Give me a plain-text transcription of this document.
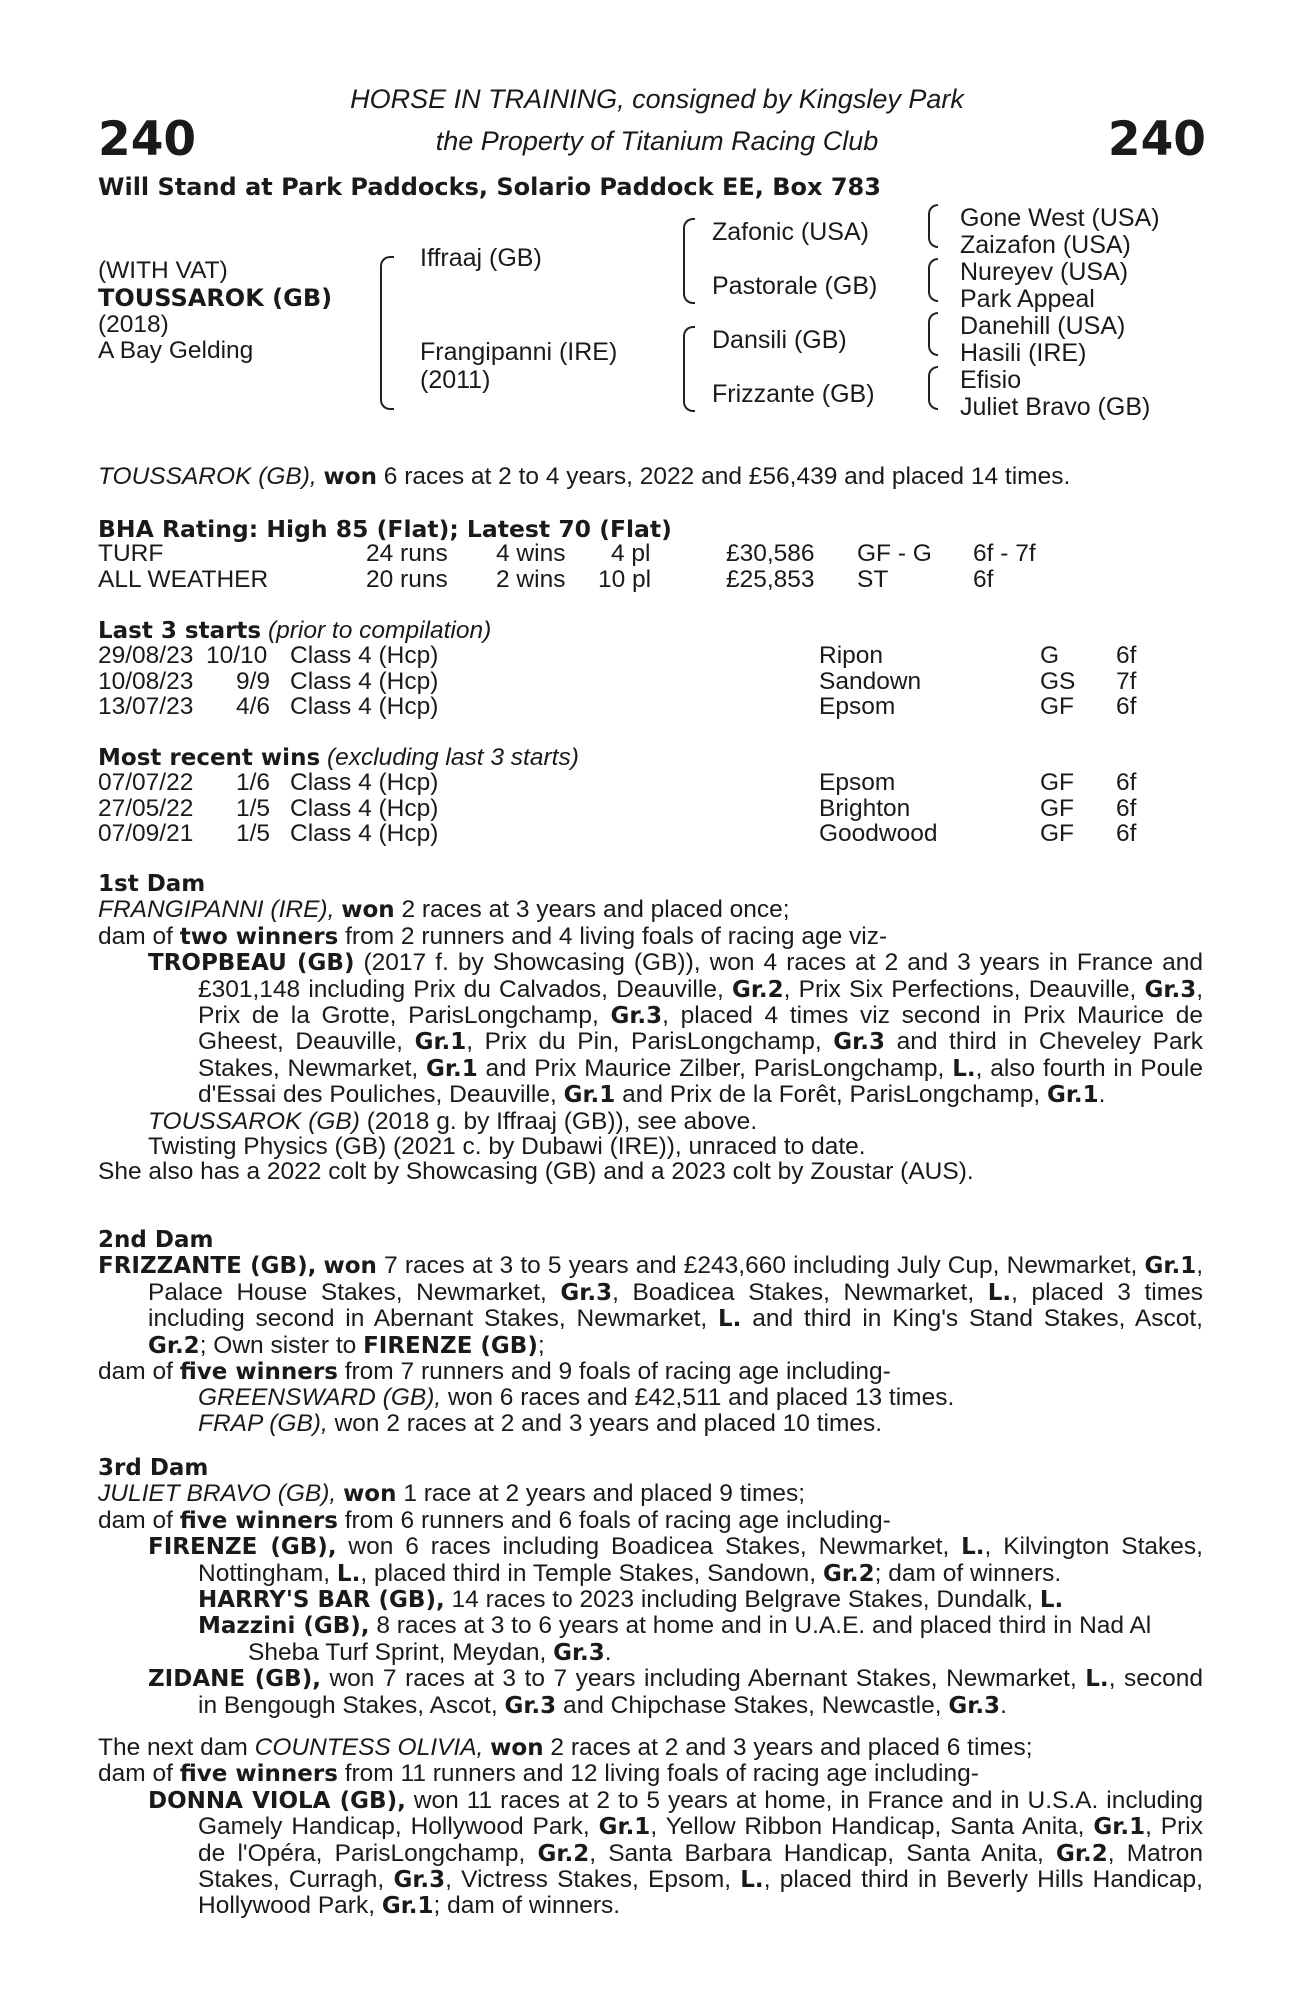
240	240
HORSE IN TRAINING, consigned by Kingsley Park
the Property of Titanium Racing Club
Will Stand at Park Paddocks, Solario Paddock EE, Box 783
(WITH VAT)
TOUSSAROK (GB)
(2018)
A Bay Gelding
Iffraaj (GB)
Frangipanni (IRE)
(2011)
Zafonic (USA)
Pastorale (GB)
Dansili (GB)
Frizzante (GB)
Gone West (USA)
Zaizafon (USA)
Nureyev (USA)
Park Appeal
Danehill (USA)
Hasili (IRE)
Efisio
Juliet Bravo (GB)
TOUSSAROK (GB), won 6 races at 2 to 4 years, 2022 and £56,439 and placed 14 times.
BHA Rating: High 85 (Flat); Latest 70 (Flat)
TURF	24 runs 4 wins 4 pl	£30,586 GF - G 6f - 7f
ALL WEATHER	20 runs 2 wins 10 pl	£25,853 ST	6f
Last 3 starts (prior to compilation)
29/08/23 10/10 Class 4 (Hcp)	Ripon	G 6f
10/08/23 9/9 Class 4 (Hcp)	Sandown	GS 7f
13/07/23 4/6 Class 4 (Hcp)	Epsom	GF 6f
Most recent wins (excluding last 3 starts)
07/07/22 1/6 Class 4 (Hcp)	Epsom	GF 6f
27/05/22 1/5 Class 4 (Hcp)	Brighton	GF 6f
07/09/21 1/5 Class 4 (Hcp)	Goodwood	GF 6f

1st Dam

FRANGIPANNI (IRE), won 2 races at 3 years and placed once;

dam of two winners from 2 runners and 4 living foals of racing age viz-

TROPBEAU (GB) (2017 f. by Showcasing (GB)), won 4 races at 2 and 3 years in France and £301,148 including Prix du Calvados, Deauville, Gr.2, Prix Six Perfections, Deauville, Gr.3, Prix de la Grotte, ParisLongchamp, Gr.3, placed 4 times viz second in Prix Maurice de Gheest, Deauville, Gr.1, Prix du Pin, ParisLongchamp, Gr.3 and third in Cheveley Park Stakes, Newmarket, Gr.1 and Prix Maurice Zilber, ParisLongchamp, L., also fourth in Poule d'Essai des Pouliches, Deauville, Gr.1 and Prix de la Forêt, ParisLongchamp, Gr.1.

TOUSSAROK (GB) (2018 g. by Iffraaj (GB)), see above.

Twisting Physics (GB) (2021 c. by Dubawi (IRE)), unraced to date.

She also has a 2022 colt by Showcasing (GB) and a 2023 colt by Zoustar (AUS).

2nd Dam

FRIZZANTE (GB), won 7 races at 3 to 5 years and £243,660 including July Cup, Newmarket, Gr.1, Palace House Stakes, Newmarket, Gr.3, Boadicea Stakes, Newmarket, L., placed 3 times including second in Abernant Stakes, Newmarket, L. and third in King's Stand Stakes, Ascot, Gr.2; Own sister to FIRENZE (GB);

dam of five winners from 7 runners and 9 foals of racing age including-

GREENSWARD (GB), won 6 races and £42,511 and placed 13 times.

FRAP (GB), won 2 races at 2 and 3 years and placed 10 times.

3rd Dam

JULIET BRAVO (GB), won 1 race at 2 years and placed 9 times;

dam of five winners from 6 runners and 6 foals of racing age including-

FIRENZE (GB), won 6 races including Boadicea Stakes, Newmarket, L., Kilvington Stakes, Nottingham, L., placed third in Temple Stakes, Sandown, Gr.2; dam of winners.

HARRY'S BAR (GB), 14 races to 2023 including Belgrave Stakes, Dundalk, L.

Mazzini (GB), 8 races at 3 to 6 years at home and in U.A.E. and placed third in Nad Al Sheba Turf Sprint, Meydan, Gr.3.

ZIDANE (GB), won 7 races at 3 to 7 years including Abernant Stakes, Newmarket, L., second in Bengough Stakes, Ascot, Gr.3 and Chipchase Stakes, Newcastle, Gr.3.

The next dam COUNTESS OLIVIA, won 2 races at 2 and 3 years and placed 6 times;

dam of five winners from 11 runners and 12 living foals of racing age including-

DONNA VIOLA (GB), won 11 races at 2 to 5 years at home, in France and in U.S.A. including Gamely Handicap, Hollywood Park, Gr.1, Yellow Ribbon Handicap, Santa Anita, Gr.1, Prix de l'Opéra, ParisLongchamp, Gr.2, Santa Barbara Handicap, Santa Anita, Gr.2, Matron Stakes, Curragh, Gr.3, Victress Stakes, Epsom, L., placed third in Beverly Hills Handicap, Hollywood Park, Gr.1; dam of winners.
